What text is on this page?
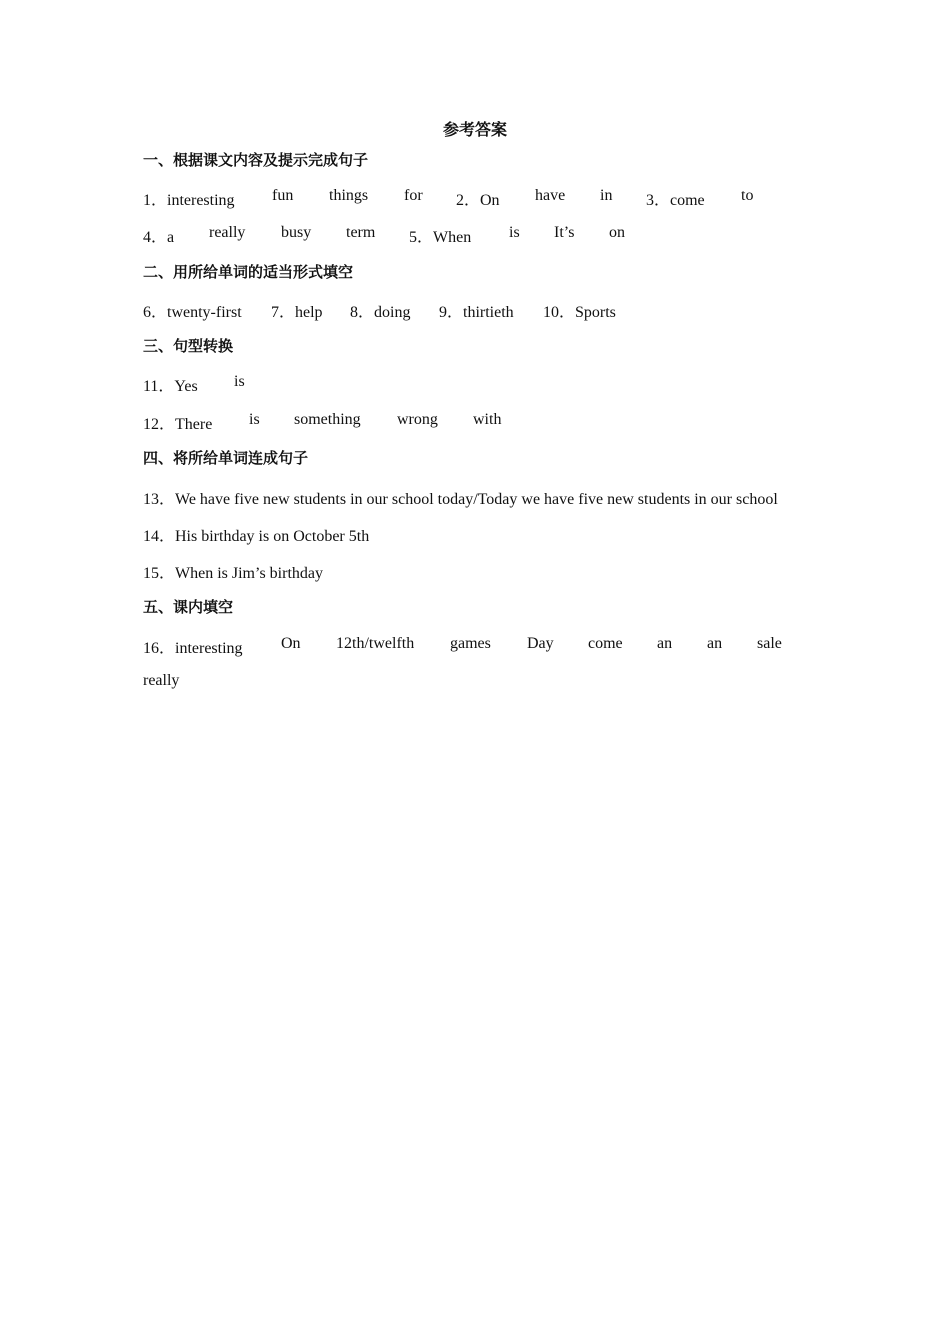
参考答案
一、根据课文内容及提示完成句子
1．interesting fun things for 2．On have in 3．come to
4．a really busy term 5．When is It’s on
二、用所给单词的适当形式填空
6．twenty-first 7．help 8．doing 9．thirtieth 10．Sports
三、句型转换
11．Yes is
12．There is something wrong with
四、将所给单词连成句子
13．We have five new students in our school today/Today we have five new students in our school
14．His birthday is on October 5th
15．When is Jim’s birthday
五、课内填空
16．interesting On 12th/twelfth games Day come an an sale
really
